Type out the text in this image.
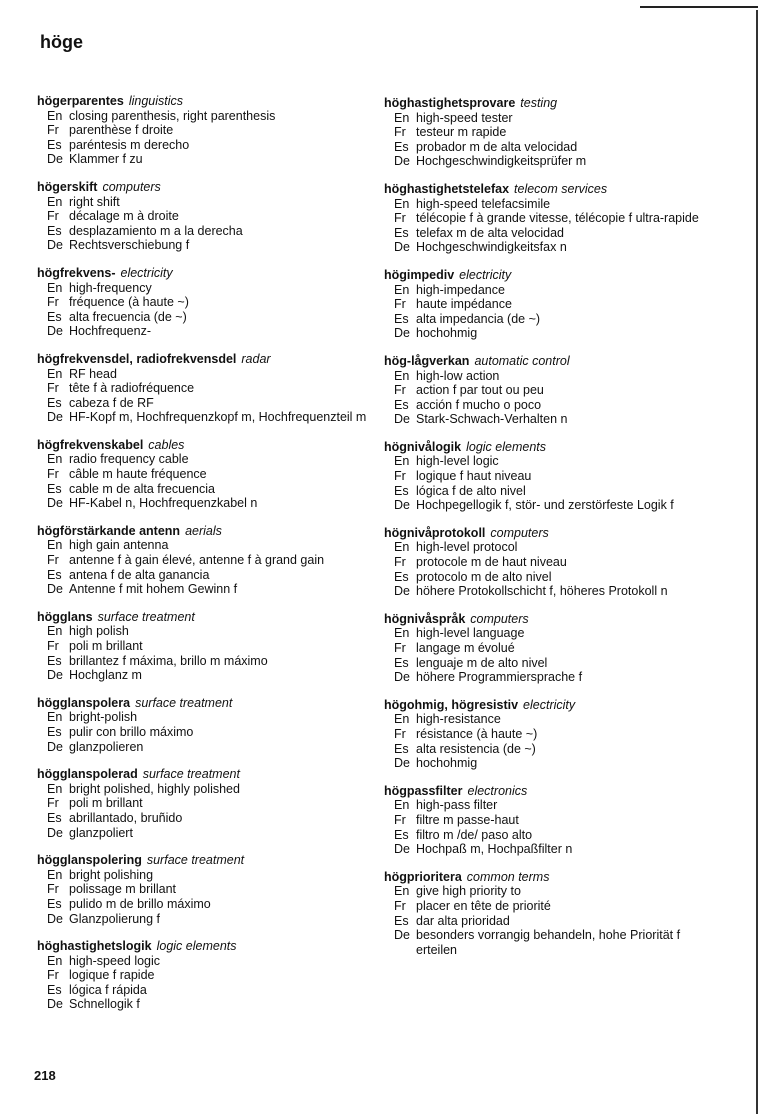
höge
högerparentes linguistics
En closing parenthesis, right parenthesis
Fr parenthèse f droite
Es paréntesis m derecho
De Klammer f zu
högerskift computers
En right shift
Fr décalage m à droite
Es desplazamiento m a la derecha
De Rechtsverschiebung f
högfrekvens- electricity
En high-frequency
Fr fréquence (à haute ~)
Es alta frecuencia (de ~)
De Hochfrequenz-
högfrekvensdel, radiofrekvensdel radar
En RF head
Fr tête f à radiofréquence
Es cabeza f de RF
De HF-Kopf m, Hochfrequenzkopf m, Hochfrequenzteil m
högfrekvenskabel cables
En radio frequency cable
Fr câble m haute fréquence
Es cable m de alta frecuencia
De HF-Kabel n, Hochfrequenzkabel n
högförstärkande antenn aerials
En high gain antenna
Fr antenne f à gain élevé, antenne f à grand gain
Es antena f de alta ganancia
De Antenne f mit hohem Gewinn f
högglans surface treatment
En high polish
Fr poli m brillant
Es brillantez f máxima, brillo m máximo
De Hochglanz m
högglanspolera surface treatment
En bright-polish
Es pulir con brillo máximo
De glanzpolieren
högglanspolerad surface treatment
En bright polished, highly polished
Fr poli m brillant
Es abrillantado, bruñido
De glanzpoliert
högglanspolering surface treatment
En bright polishing
Fr polissage m brillant
Es pulido m de brillo máximo
De Glanzpolierung f
höghastighetslogik logic elements
En high-speed logic
Fr logique f rapide
Es lógica f rápida
De Schnellogik f
höghastighetsprovare testing
En high-speed tester
Fr testeur m rapide
Es probador m de alta velocidad
De Hochgeschwindigkeitsprüfer m
höghastighetstelefax telecom services
En high-speed telefacsimile
Fr télécopie f à grande vitesse, télécopie f ultra-rapide
Es telefax m de alta velocidad
De Hochgeschwindigkeitsfax n
högimpediv electricity
En high-impedance
Fr haute impédance
Es alta impedancia (de ~)
De hochohmig
hög-lågverkan automatic control
En high-low action
Fr action f par tout ou peu
Es acción f mucho o poco
De Stark-Schwach-Verhalten n
högnivålogik logic elements
En high-level logic
Fr logique f haut niveau
Es lógica f de alto nivel
De Hochpegellogik f, stör- und zerstörfeste Logik f
högnivåprotokoll computers
En high-level protocol
Fr protocole m de haut niveau
Es protocolo m de alto nivel
De höhere Protokollschicht f, höheres Protokoll n
högnivåspråk computers
En high-level language
Fr langage m évolué
Es lenguaje m de alto nivel
De höhere Programmiersprache f
högohmig, högresistiv electricity
En high-resistance
Fr résistance (à haute ~)
Es alta resistencia (de ~)
De hochohmig
högpassfilter electronics
En high-pass filter
Fr filtre m passe-haut
Es filtro m /de/ paso alto
De Hochpaß m, Hochpaßfilter n
högprioritera common terms
En give high priority to
Fr placer en tête de priorité
Es dar alta prioridad
De besonders vorrangig behandeln, hohe Priorität f erteilen
218
